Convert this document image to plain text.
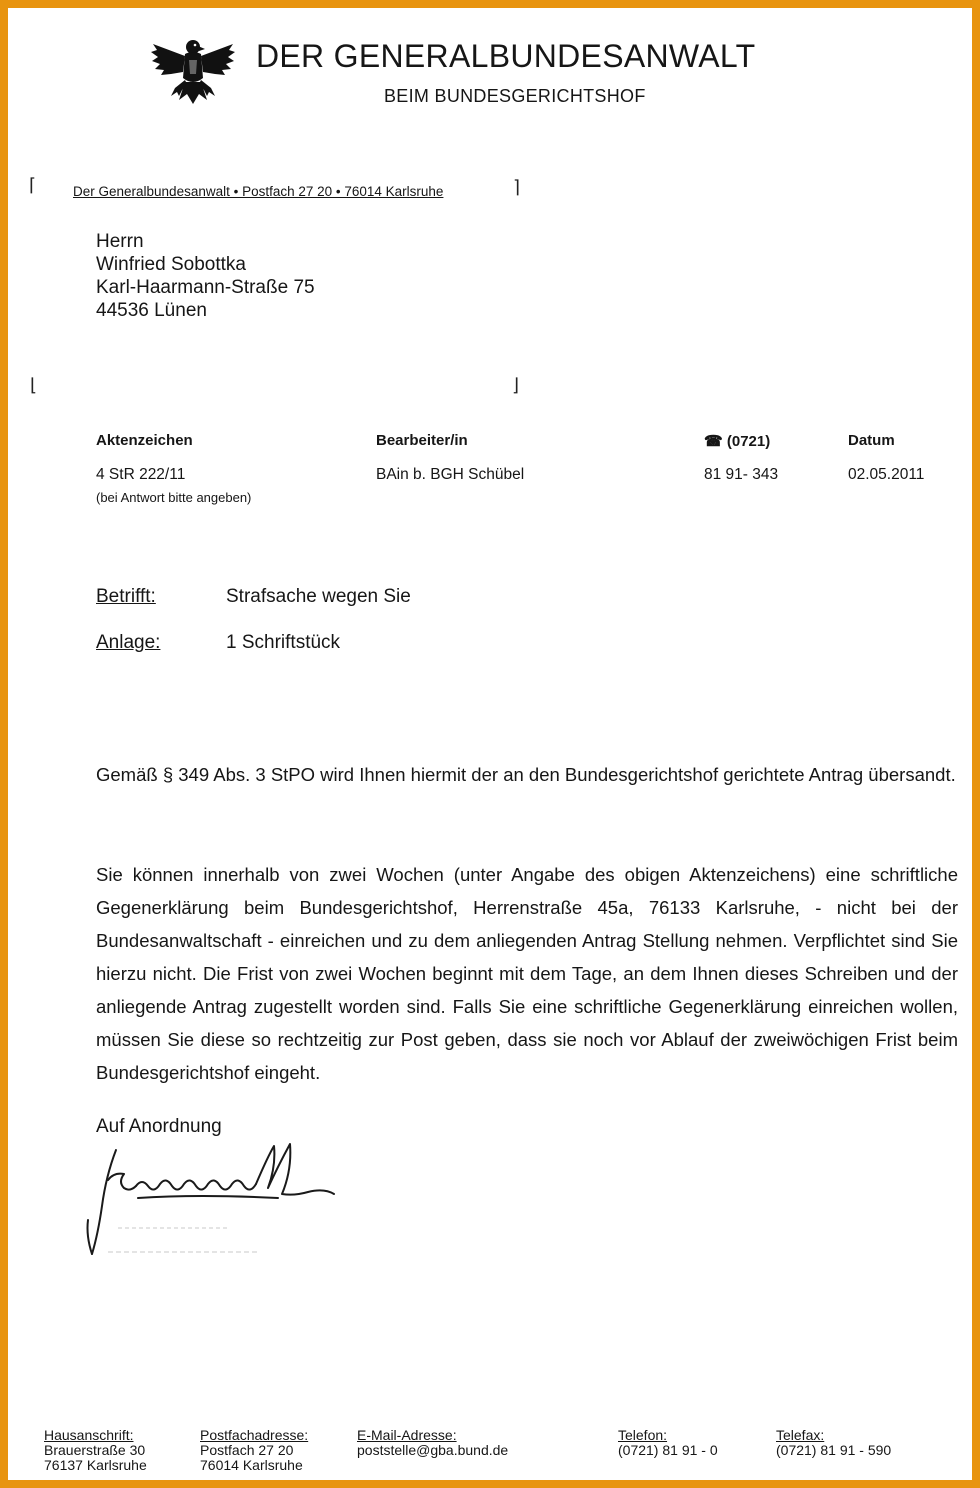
DER GENERALBUNDESANWALT
BEIM BUNDESGERICHTSHOF
⌈	⌉
⌊	⌋
Der Generalbundesanwalt • Postfach 27 20 • 76014 Karlsruhe
Herrn
Winfried Sobottka
Karl-Haarmann-Straße 75
44536 Lünen
Aktenzeichen	Bearbeiter/in	☎ (0721)	Datum
4 StR 222/11	BAin b. BGH Schübel	81 91- 343	02.05.2011
(bei Antwort bitte angeben)
Betrifft:	Strafsache wegen Sie
Anlage:	1 Schriftstück
Gemäß § 349 Abs. 3 StPO wird Ihnen hiermit der an den Bundesgerichtshof gerichtete Antrag übersandt.
Sie können innerhalb von zwei Wochen (unter Angabe des obigen Aktenzeichens) eine schriftliche Gegenerklärung beim Bundesgerichtshof, Herrenstraße 45a, 76133 Karlsruhe, - nicht bei der Bundesanwaltschaft - einreichen und zu dem anliegenden Antrag Stellung nehmen. Verpflichtet sind Sie hierzu nicht. Die Frist von zwei Wochen beginnt mit dem Tage, an dem Ihnen dieses Schreiben und der anliegende Antrag zugestellt worden sind. Falls Sie eine schriftliche Gegenerklärung einreichen wollen, müssen Sie diese so rechtzeitig zur Post geben, dass sie noch vor Ablauf der zweiwöchigen Frist beim Bundesgerichtshof eingeht.
Auf Anordnung
Hausanschrift:
Brauerstraße 30
76137 Karlsruhe
Postfachadresse:
Postfach 27 20
76014 Karlsruhe
E-Mail-Adresse:
poststelle@gba.bund.de
Telefon:
(0721) 81 91 - 0
Telefax:
(0721) 81 91 - 590
